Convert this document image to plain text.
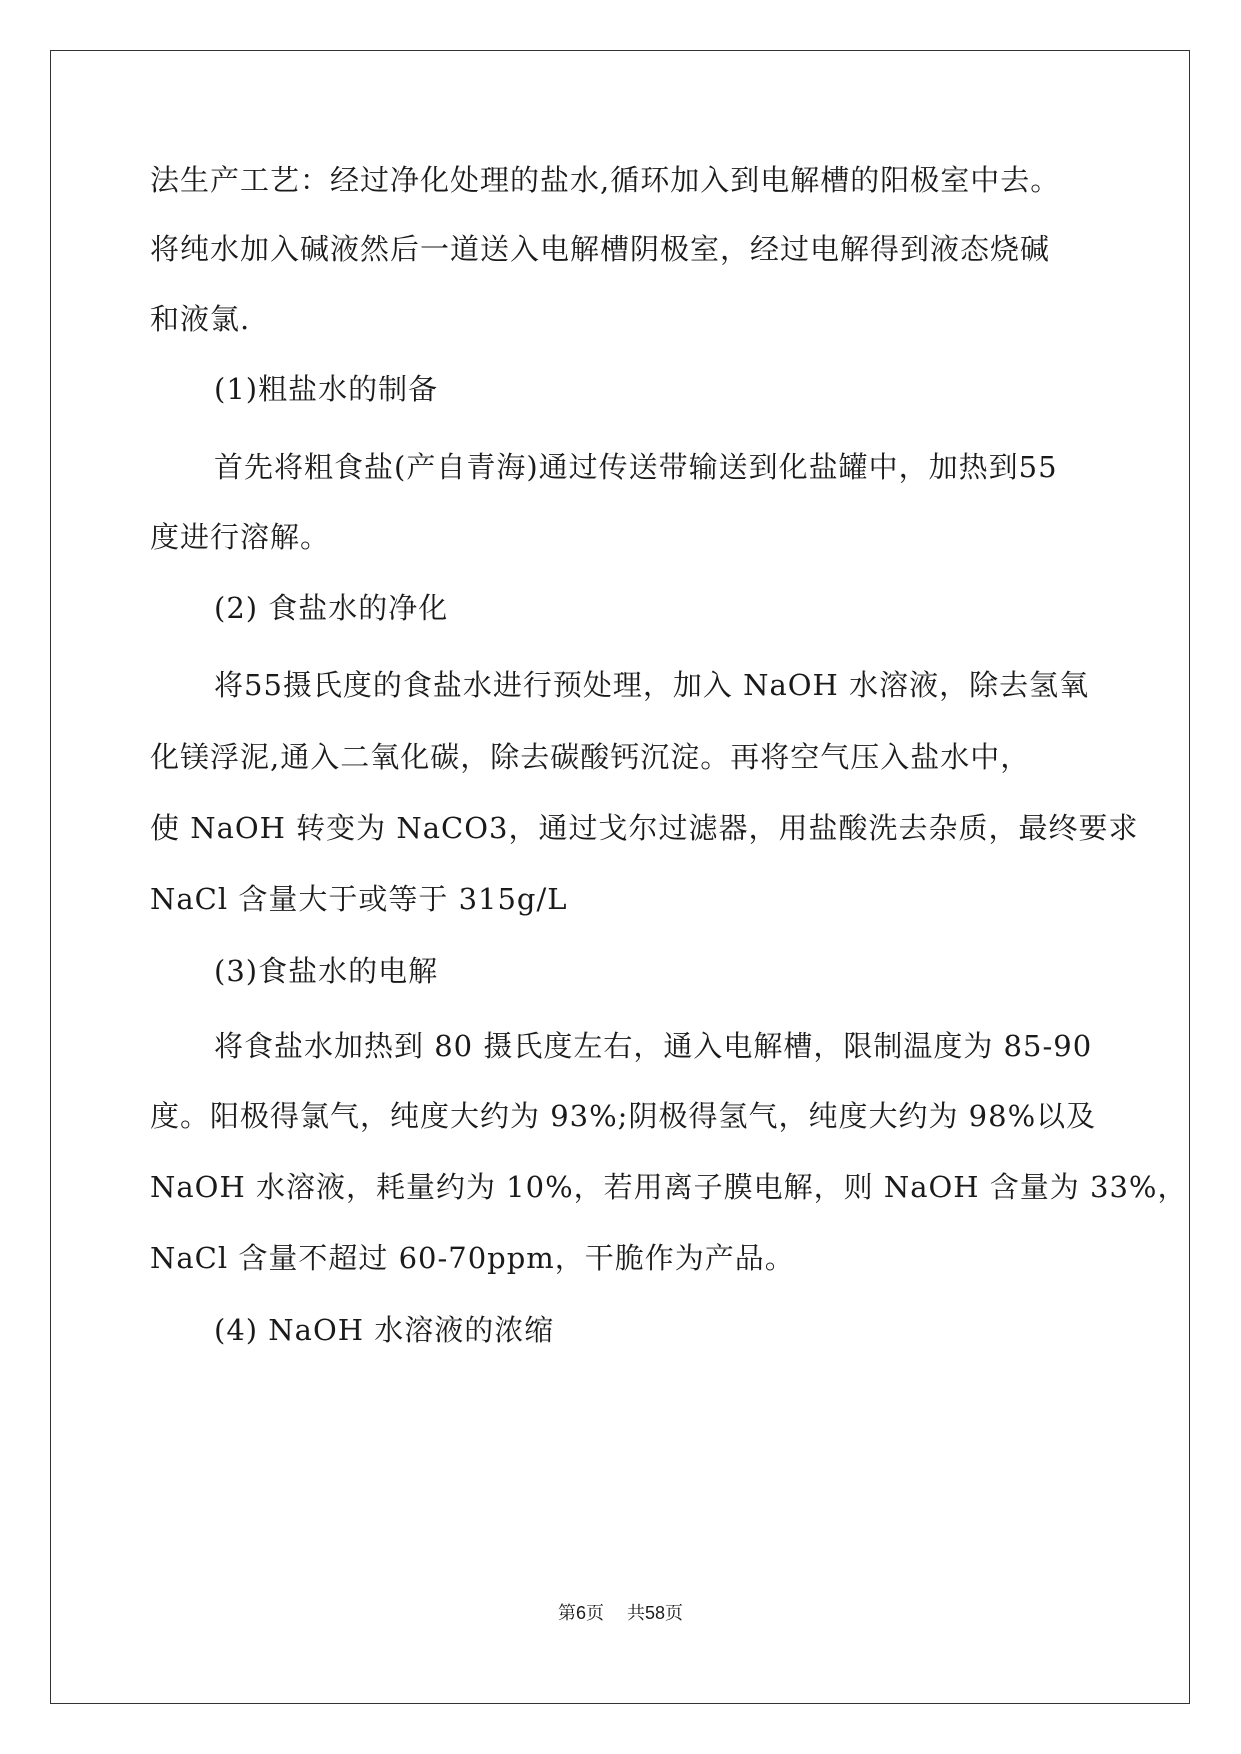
法生产工艺：经过净化处理的盐水,循环加入到电解槽的阳极室中去。
将纯水加入碱液然后一道送入电解槽阴极室，经过电解得到液态烧碱
和液氯.
(1)粗盐水的制备
首先将粗食盐(产自青海)通过传送带输送到化盐罐中，加热到55
度进行溶解。
(2) 食盐水的净化
将55摄氏度的食盐水进行预处理，加入 NaOH 水溶液，除去氢氧
化镁浮泥,通入二氧化碳，除去碳酸钙沉淀。再将空气压入盐水中，
使 NaOH 转变为 NaCO3，通过戈尔过滤器，用盐酸洗去杂质，最终要求
NaCl 含量大于或等于 315g/L
(3)食盐水的电解
将食盐水加热到 80 摄氏度左右，通入电解槽，限制温度为 85-90
度。阳极得氯气，纯度大约为 93%;阴极得氢气，纯度大约为 98%以及
NaOH 水溶液，耗量约为 10%，若用离子膜电解，则 NaOH 含量为 33%，
NaCl 含量不超过 60-70ppm，干脆作为产品。
(4) NaOH 水溶液的浓缩
第6页 共58页
